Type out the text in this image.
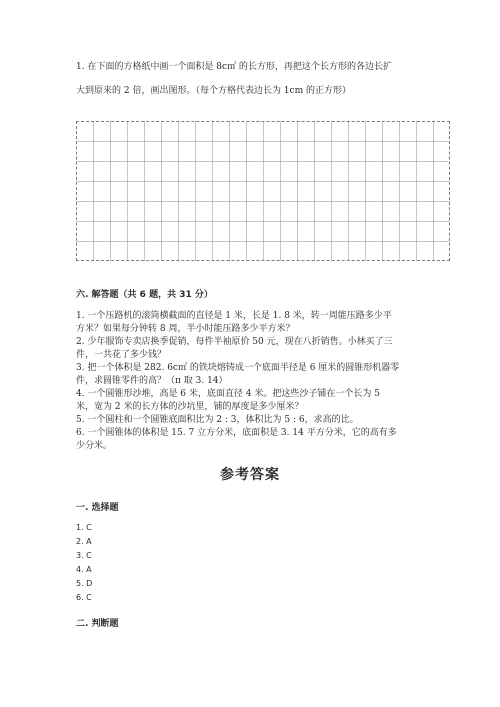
1. 在下面的方格纸中画一个面积是 8c㎡ 的长方形，再把这个长方形的各边长扩
大到原来的 2 倍，画出图形。（每个方格代表边长为 1cm 的正方形）
六. 解答题（共 6 题，共 31 分）
1. 一个压路机的滚筒横截面的直径是 1 米，长是 1. 8 米，转一周能压路多少平
方米？如果每分钟转 8 周，半小时能压路多少平方米？
2. 少年服饰专卖店换季促销，每件半袖原价 50 元，现在八折销售。小林买了三
件，一共花了多少钱？
3. 把一个体积是 282. 6c㎡ 的铁块熔铸成一个底面半径是 6 厘米的圆锥形机器零
件，求圆锥零件的高？（π 取 3. 14）
4. 一个圆锥形沙堆，高是 6 米，底面直径 4 米。把这些沙子铺在一个长为 5
米，宽为 2 米的长方体的沙坑里，铺的厚度是多少厘米？
5. 一个圆柱和一个圆锥底面积比为 2 : 3，体积比为 5 : 6，求高的比。
6. 一个圆锥体的体积是 15. 7 立方分米，底面积是 3. 14 平方分米，它的高有多
少分米。
参考答案
一. 选择题
1. C
2. A
3. C
4. A
5. D
6. C
二. 判断题
